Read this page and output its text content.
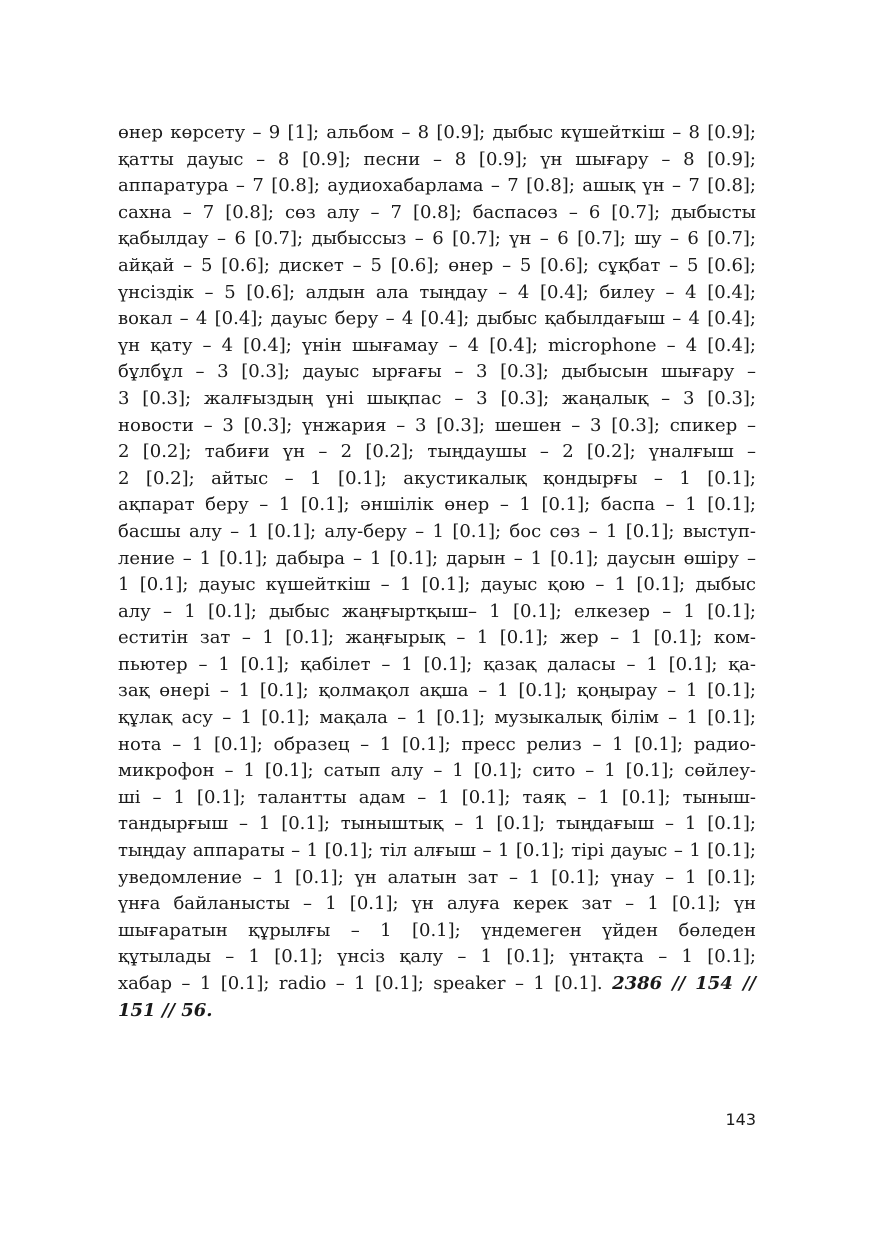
өнер көрсету – 9 [1]; альбом – 8 [0.9]; дыбыс күшейткіш – 8 [0.9];
қатты дауыс – 8 [0.9]; песни – 8 [0.9]; үн шығару – 8 [0.9];
аппаратура – 7 [0.8]; аудиохабарлама – 7 [0.8]; ашық үн – 7 [0.8];
сахна – 7 [0.8]; сөз алу – 7 [0.8]; баспасөз – 6 [0.7]; дыбысты
қабылдау – 6 [0.7]; дыбыссыз – 6 [0.7]; үн – 6 [0.7]; шу – 6 [0.7];
айқай – 5 [0.6]; дискет – 5 [0.6]; өнер – 5 [0.6]; сұқбат – 5 [0.6];
үнсіздік – 5 [0.6]; алдын ала тыңдау – 4 [0.4]; билеу – 4 [0.4];
вокал – 4 [0.4]; дауыс беру – 4 [0.4]; дыбыс қабылдағыш – 4 [0.4];
үн қату – 4 [0.4]; үнін шығамау – 4 [0.4]; microphone – 4 [0.4];
бұлбұл – 3 [0.3]; дауыс ырғағы – 3 [0.3]; дыбысын шығару –
3 [0.3]; жалғыздың үні шықпас – 3 [0.3]; жаңалық – 3 [0.3];
новости – 3 [0.3]; үнжария – 3 [0.3]; шешен – 3 [0.3]; спикер –
2 [0.2]; табиғи үн – 2 [0.2]; тыңдаушы – 2 [0.2]; үналғыш –
2 [0.2]; айтыс – 1 [0.1]; акустикалық қондырғы – 1 [0.1];
ақпарат беру – 1 [0.1]; әншілік өнер – 1 [0.1]; баспа – 1 [0.1];
басшы алу – 1 [0.1]; алу-беру – 1 [0.1]; бос сөз – 1 [0.1]; выступ-
ление – 1 [0.1]; дабыра – 1 [0.1]; дарын – 1 [0.1]; даусын өшіру –
1 [0.1]; дауыс күшейткіш – 1 [0.1]; дауыс қою – 1 [0.1]; дыбыс
алу – 1 [0.1]; дыбыс жаңғыртқыш– 1 [0.1]; елкезер – 1 [0.1];
еститін зат – 1 [0.1]; жаңғырық – 1 [0.1]; жер – 1 [0.1]; ком-
пьютер – 1 [0.1]; қабілет – 1 [0.1]; қазақ даласы – 1 [0.1]; қа-
зақ өнері – 1 [0.1]; қолмақол ақша – 1 [0.1]; қоңырау – 1 [0.1];
құлақ асу – 1 [0.1]; мақала – 1 [0.1]; музыкалық білім – 1 [0.1];
нота – 1 [0.1]; образец – 1 [0.1]; пресс релиз – 1 [0.1]; радио-
микрофон – 1 [0.1]; сатып алу – 1 [0.1]; сито – 1 [0.1]; сөйлеу-
ші – 1 [0.1]; талантты адам – 1 [0.1]; таяқ – 1 [0.1]; тыныш-
тандырғыш – 1 [0.1]; тыныштық – 1 [0.1]; тыңдағыш – 1 [0.1];
тыңдау аппараты – 1 [0.1]; тіл алғыш – 1 [0.1]; тірі дауыс – 1 [0.1];
уведомление – 1 [0.1]; үн алатын зат – 1 [0.1]; үнау – 1 [0.1];
үнға байланысты – 1 [0.1]; үн алуға керек зат – 1 [0.1]; үн
шығаратын құрылғы – 1 [0.1]; үндемеген үйден бөледен
құтылады – 1 [0.1]; үнсіз қалу – 1 [0.1]; үнтақта – 1 [0.1];
хабар – 1 [0.1]; radio – 1 [0.1]; speaker – 1 [0.1]. 2386 // 154 //
151 // 56.
143
